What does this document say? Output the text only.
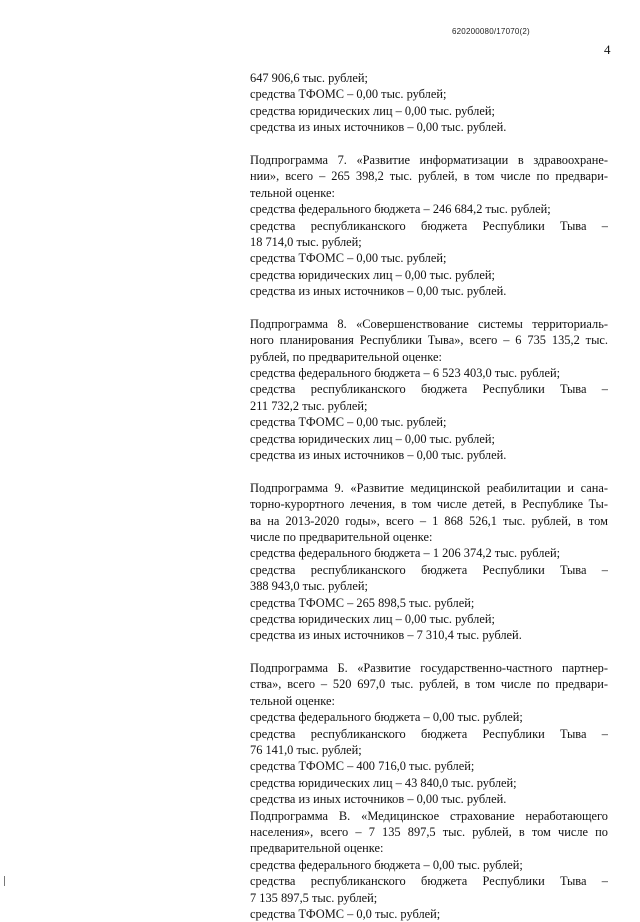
620200080/17070(2)
4
647 906,6 тыс. рублей;
средства ТФОМС – 0,00 тыс. рублей;
средства юридических лиц – 0,00 тыс. рублей;
средства из иных источников – 0,00 тыс. рублей.
Подпрограмма 7. «Развитие информатизации в здравоохране-
нии», всего – 265 398,2 тыс. рублей, в том числе по предвари-
тельной оценке:
средства федерального бюджета – 246 684,2 тыс. рублей;
средства республиканского бюджета Республики Тыва –
18 714,0 тыс. рублей;
средства ТФОМС – 0,00 тыс. рублей;
средства юридических лиц – 0,00 тыс. рублей;
средства из иных источников – 0,00 тыс. рублей.
Подпрограмма 8. «Совершенствование системы территориаль-
ного планирования Республики Тыва», всего – 6 735 135,2 тыс.
рублей, по предварительной оценке:
средства федерального бюджета – 6 523 403,0 тыс. рублей;
средства республиканского бюджета Республики Тыва –
211 732,2 тыс. рублей;
средства ТФОМС – 0,00 тыс. рублей;
средства юридических лиц – 0,00 тыс. рублей;
средства из иных источников – 0,00 тыс. рублей.
Подпрограмма 9. «Развитие медицинской реабилитации и сана-
торно-курортного лечения, в том числе детей, в Республике Ты-
ва на 2013-2020 годы», всего – 1 868 526,1 тыс. рублей, в том
числе по предварительной оценке:
средства федерального бюджета – 1 206 374,2 тыс. рублей;
средства республиканского бюджета Республики Тыва –
388 943,0 тыс. рублей;
средства ТФОМС – 265 898,5 тыс. рублей;
средства юридических лиц – 0,00 тыс. рублей;
средства из иных источников – 7 310,4 тыс. рублей.
Подпрограмма Б. «Развитие государственно-частного партнер-
ства», всего – 520 697,0 тыс. рублей, в том числе по предвари-
тельной оценке:
средства федерального бюджета – 0,00 тыс. рублей;
средства республиканского бюджета Республики Тыва –
76 141,0 тыс. рублей;
средства ТФОМС – 400 716,0 тыс. рублей;
средства юридических лиц – 43 840,0 тыс. рублей;
средства из иных источников – 0,00 тыс. рублей.
Подпрограмма В. «Медицинское страхование неработающего
населения», всего – 7 135 897,5 тыс. рублей, в том числе по
предварительной оценке:
средства федерального бюджета – 0,00 тыс. рублей;
средства республиканского бюджета Республики Тыва –
7 135 897,5 тыс. рублей;
средства ТФОМС – 0,0 тыс. рублей;
